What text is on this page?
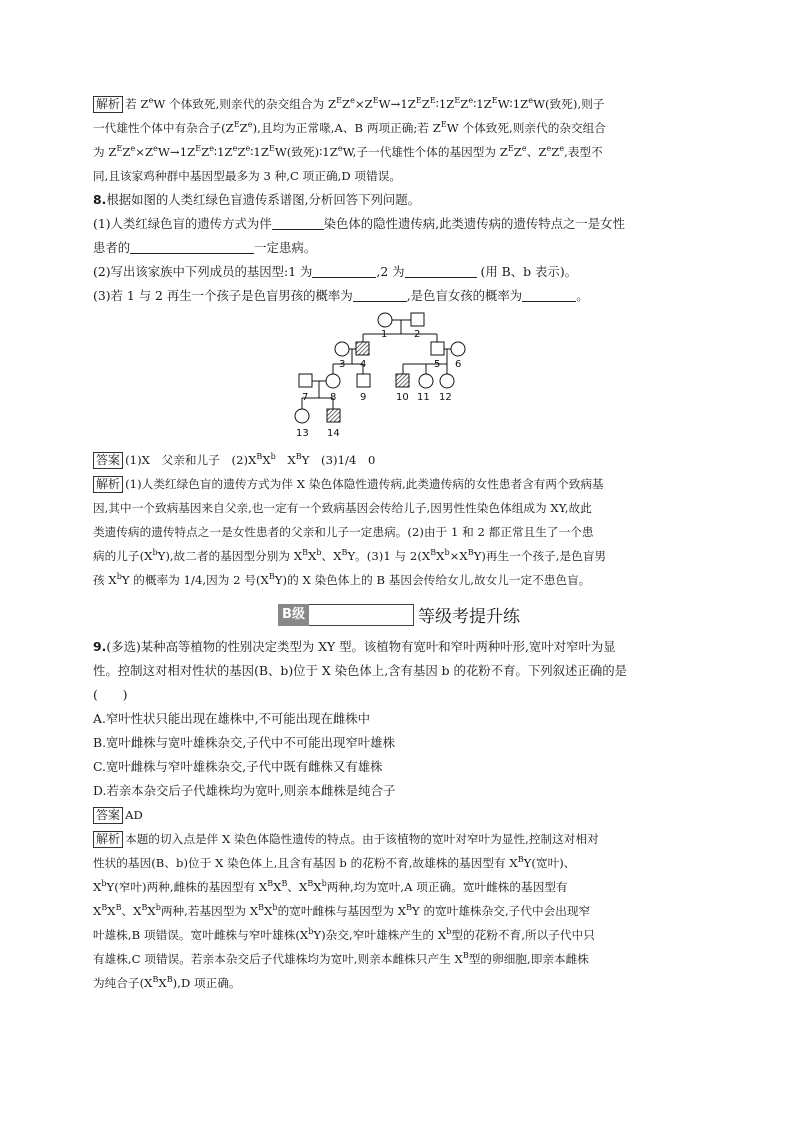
解析 若 $Z^eW$ 个体致死,则亲代的杂交组合为 $Z^EZ^e\times Z^EW\to 1Z^EZ^E∶1Z^EZ^e∶1Z^EW∶1Z^eW$(致死),则子
一代雄性个体中有杂合子$(Z^EZ^e)$,且均为正常喙,A、B 两项正确;若 $Z^EW$ 个体致死,则亲代的杂交组合
为 $Z^EZ^e\times Z^eW\to 1Z^EZ^e∶1Z^eZ^e∶1Z^EW$(致死)$∶1Z^eW$,子一代雄性个体的基因型为 $Z^EZ^e$、$Z^eZ^e$,表型不
同,且该家鸡种群中基因型最多为 3 种,C 项正确,D 项错误。

8.根据如图的人类红绿色盲遗传系谱图,分析回答下列问题。
(1)人类红绿色盲的遗传方式为伴	染色体的隐性遗传病,此类遗传病的遗传特点之一是女性
患者的	一定患病。
(2)写出该家族中下列成员的基因型:1 为	,2 为	(用 B、b 表示)。
(3)若 1 与 2 再生一个孩子是色盲男孩的概率为	,是色盲女孩的概率为	。

1	2
3 4	5 6
7 8 9	10 11 12
13 14

答案 (1)X　父亲和儿子　$(2)X^BX^b$　$X^BY$　(3)1/4　0

解析 (1)人类红绿色盲的遗传方式为伴 X 染色体隐性遗传病,此类遗传病的女性患者含有两个致病基
因,其中一个致病基因来自父亲,也一定有一个致病基因会传给儿子,因男性性染色体组成为 XY,故此
类遗传病的遗传特点之一是女性患者的父亲和儿子一定患病。(2)由于 1 和 2 都正常且生了一个患
病的儿子$(X^bY)$,故二者的基因型分别为 $X^BX^b$、$X^BY$。(3)1 与 $2(X^BX^b\times X^BY)$再生一个孩子,是色盲男
孩 $X^bY$ 的概率为 1/4,因为 2 号$(X^BY)$的 X 染色体上的 B 基因会传给女儿,故女儿一定不患色盲。

B级	等级考提升练

9.(多选)某种高等植物的性别决定类型为 XY 型。该植物有宽叶和窄叶两种叶形,宽叶对窄叶为显
性。控制这对相对性状的基因(B、b)位于 X 染色体上,含有基因 b 的花粉不育。下列叙述正确的是
(　　)

A.窄叶性状只能出现在雄株中,不可能出现在雌株中

B.宽叶雌株与宽叶雄株杂交,子代中不可能出现窄叶雄株

C.宽叶雌株与窄叶雄株杂交,子代中既有雌株又有雄株

D.若亲本杂交后子代雄株均为宽叶,则亲本雌株是纯合子

答案 AD

解析 本题的切入点是伴 X 染色体隐性遗传的特点。由于该植物的宽叶对窄叶为显性,控制这对相对
性状的基因(B、b)位于 X 染色体上,且含有基因 b 的花粉不育,故雄株的基因型有 $X^BY$(宽叶)、
$X^bY$(窄叶)两种,雌株的基因型有 $X^BX^B$、$X^BX^b$两种,均为宽叶,A 项正确。宽叶雌株的基因型有
$X^BX^B$、$X^BX^b$两种,若基因型为 $X^BX^b$的宽叶雌株与基因型为 $X^BY$ 的宽叶雄株杂交,子代中会出现窄
叶雄株,B 项错误。宽叶雌株与窄叶雄株$(X^bY)$杂交,窄叶雄株产生的 $X^b$型的花粉不育,所以子代中只
有雄株,C 项错误。若亲本杂交后子代雄株均为宽叶,则亲本雌株只产生 $X^B$型的卵细胞,即亲本雌株
为纯合子$(X^BX^B),D$ 项正确。
